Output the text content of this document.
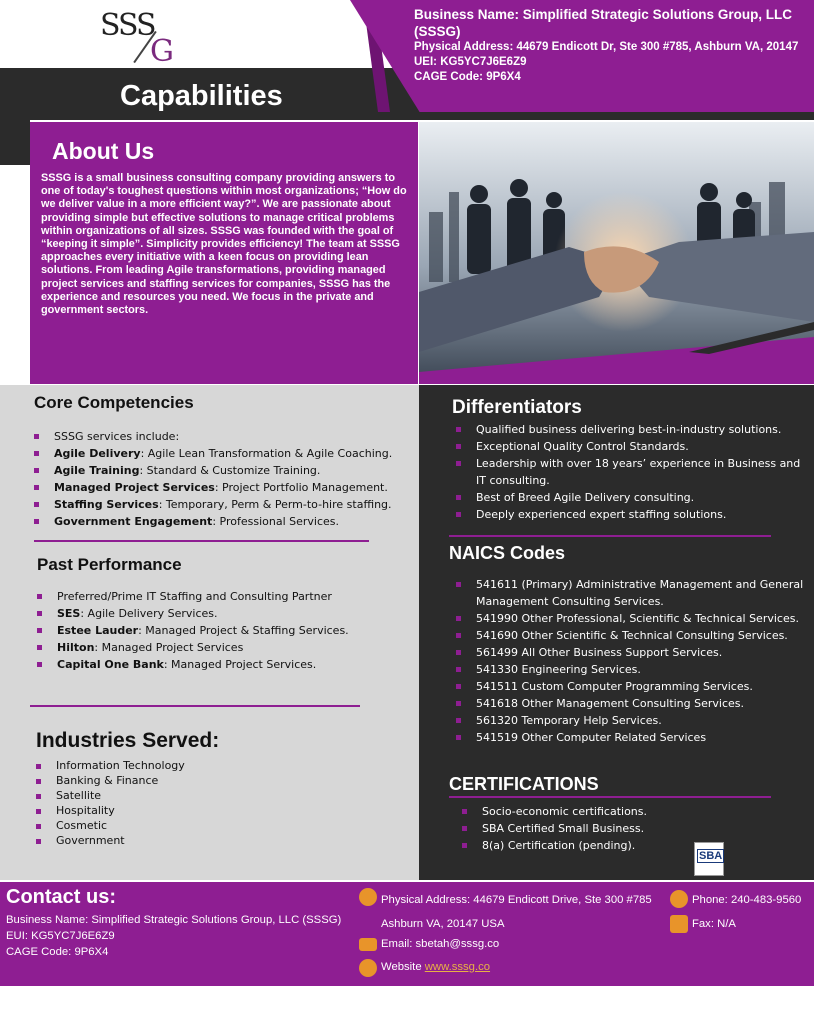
SSS
G
Capabilities
Business Name: Simplified Strategic Solutions Group, LLC (SSSG)
Physical Address: 44679 Endicott Dr, Ste 300 #785, Ashburn VA, 20147
UEI: KG5YC7J6E6Z9
CAGE Code: 9P6X4
About Us

SSSG is a small business consulting company providing answers to one of today's toughest questions within most organizations; “How do we deliver value in a more efficient way?”. We are passionate about providing simple but effective solutions to manage critical problems within organizations of all sizes. SSSG was founded with the goal of “keeping it simple”. Simplicity provides efficiency! The team at SSSG approaches every initiative with a keen focus on providing lean solutions. From leading Agile transformations, providing managed project services and staffing services for companies, SSSG has the experience and resources you need. We focus in the private and government sectors.

Core Competencies
SSSG services include:
Agile Delivery: Agile Lean Transformation & Agile Coaching.
Agile Training: Standard & Customize Training.
Managed Project Services: Project Portfolio Management.
Staffing Services: Temporary, Perm & Perm-to-hire staffing.
Government Engagement: Professional Services.
Past Performance
Preferred/Prime IT Staffing and Consulting Partner
SES: Agile Delivery Services.
Estee Lauder: Managed Project & Staffing Services.
Hilton: Managed Project Services
Capital One Bank: Managed Project Services.
Industries Served:
Information Technology
Banking & Finance
Satellite
Hospitality
Cosmetic
Government
Differentiators
Qualified business delivering best-in-industry solutions.
Exceptional Quality Control Standards.
Leadership with over 18 years’ experience in Business and IT consulting.
Best of Breed Agile Delivery consulting.
Deeply experienced expert staffing solutions.
NAICS Codes
541611 (Primary) Administrative Management and General Management Consulting Services.
541990 Other Professional, Scientific & Technical Services.
541690 Other Scientific & Technical Consulting Services.
561499 All Other Business Support Services.
541330 Engineering Services.
541511 Custom Computer Programming Services.
541618 Other Management Consulting Services.
561320 Temporary Help Services.
541519 Other Computer Related Services
CERTIFICATIONS
Socio-economic certifications.
SBA Certified Small Business.
8(a) Certification (pending).
SBA
Contact us:
Business Name: Simplified Strategic Solutions Group, LLC (SSSG)
EUI: KG5YC7J6E6Z9
CAGE Code: 9P6X4
Physical Address: 44679 Endicott Drive, Ste 300 #785
Ashburn VA, 20147 USA
Email: sbetah@sssg.co
Website www.sssg.co
Phone: 240-483-9560
Fax: N/A
